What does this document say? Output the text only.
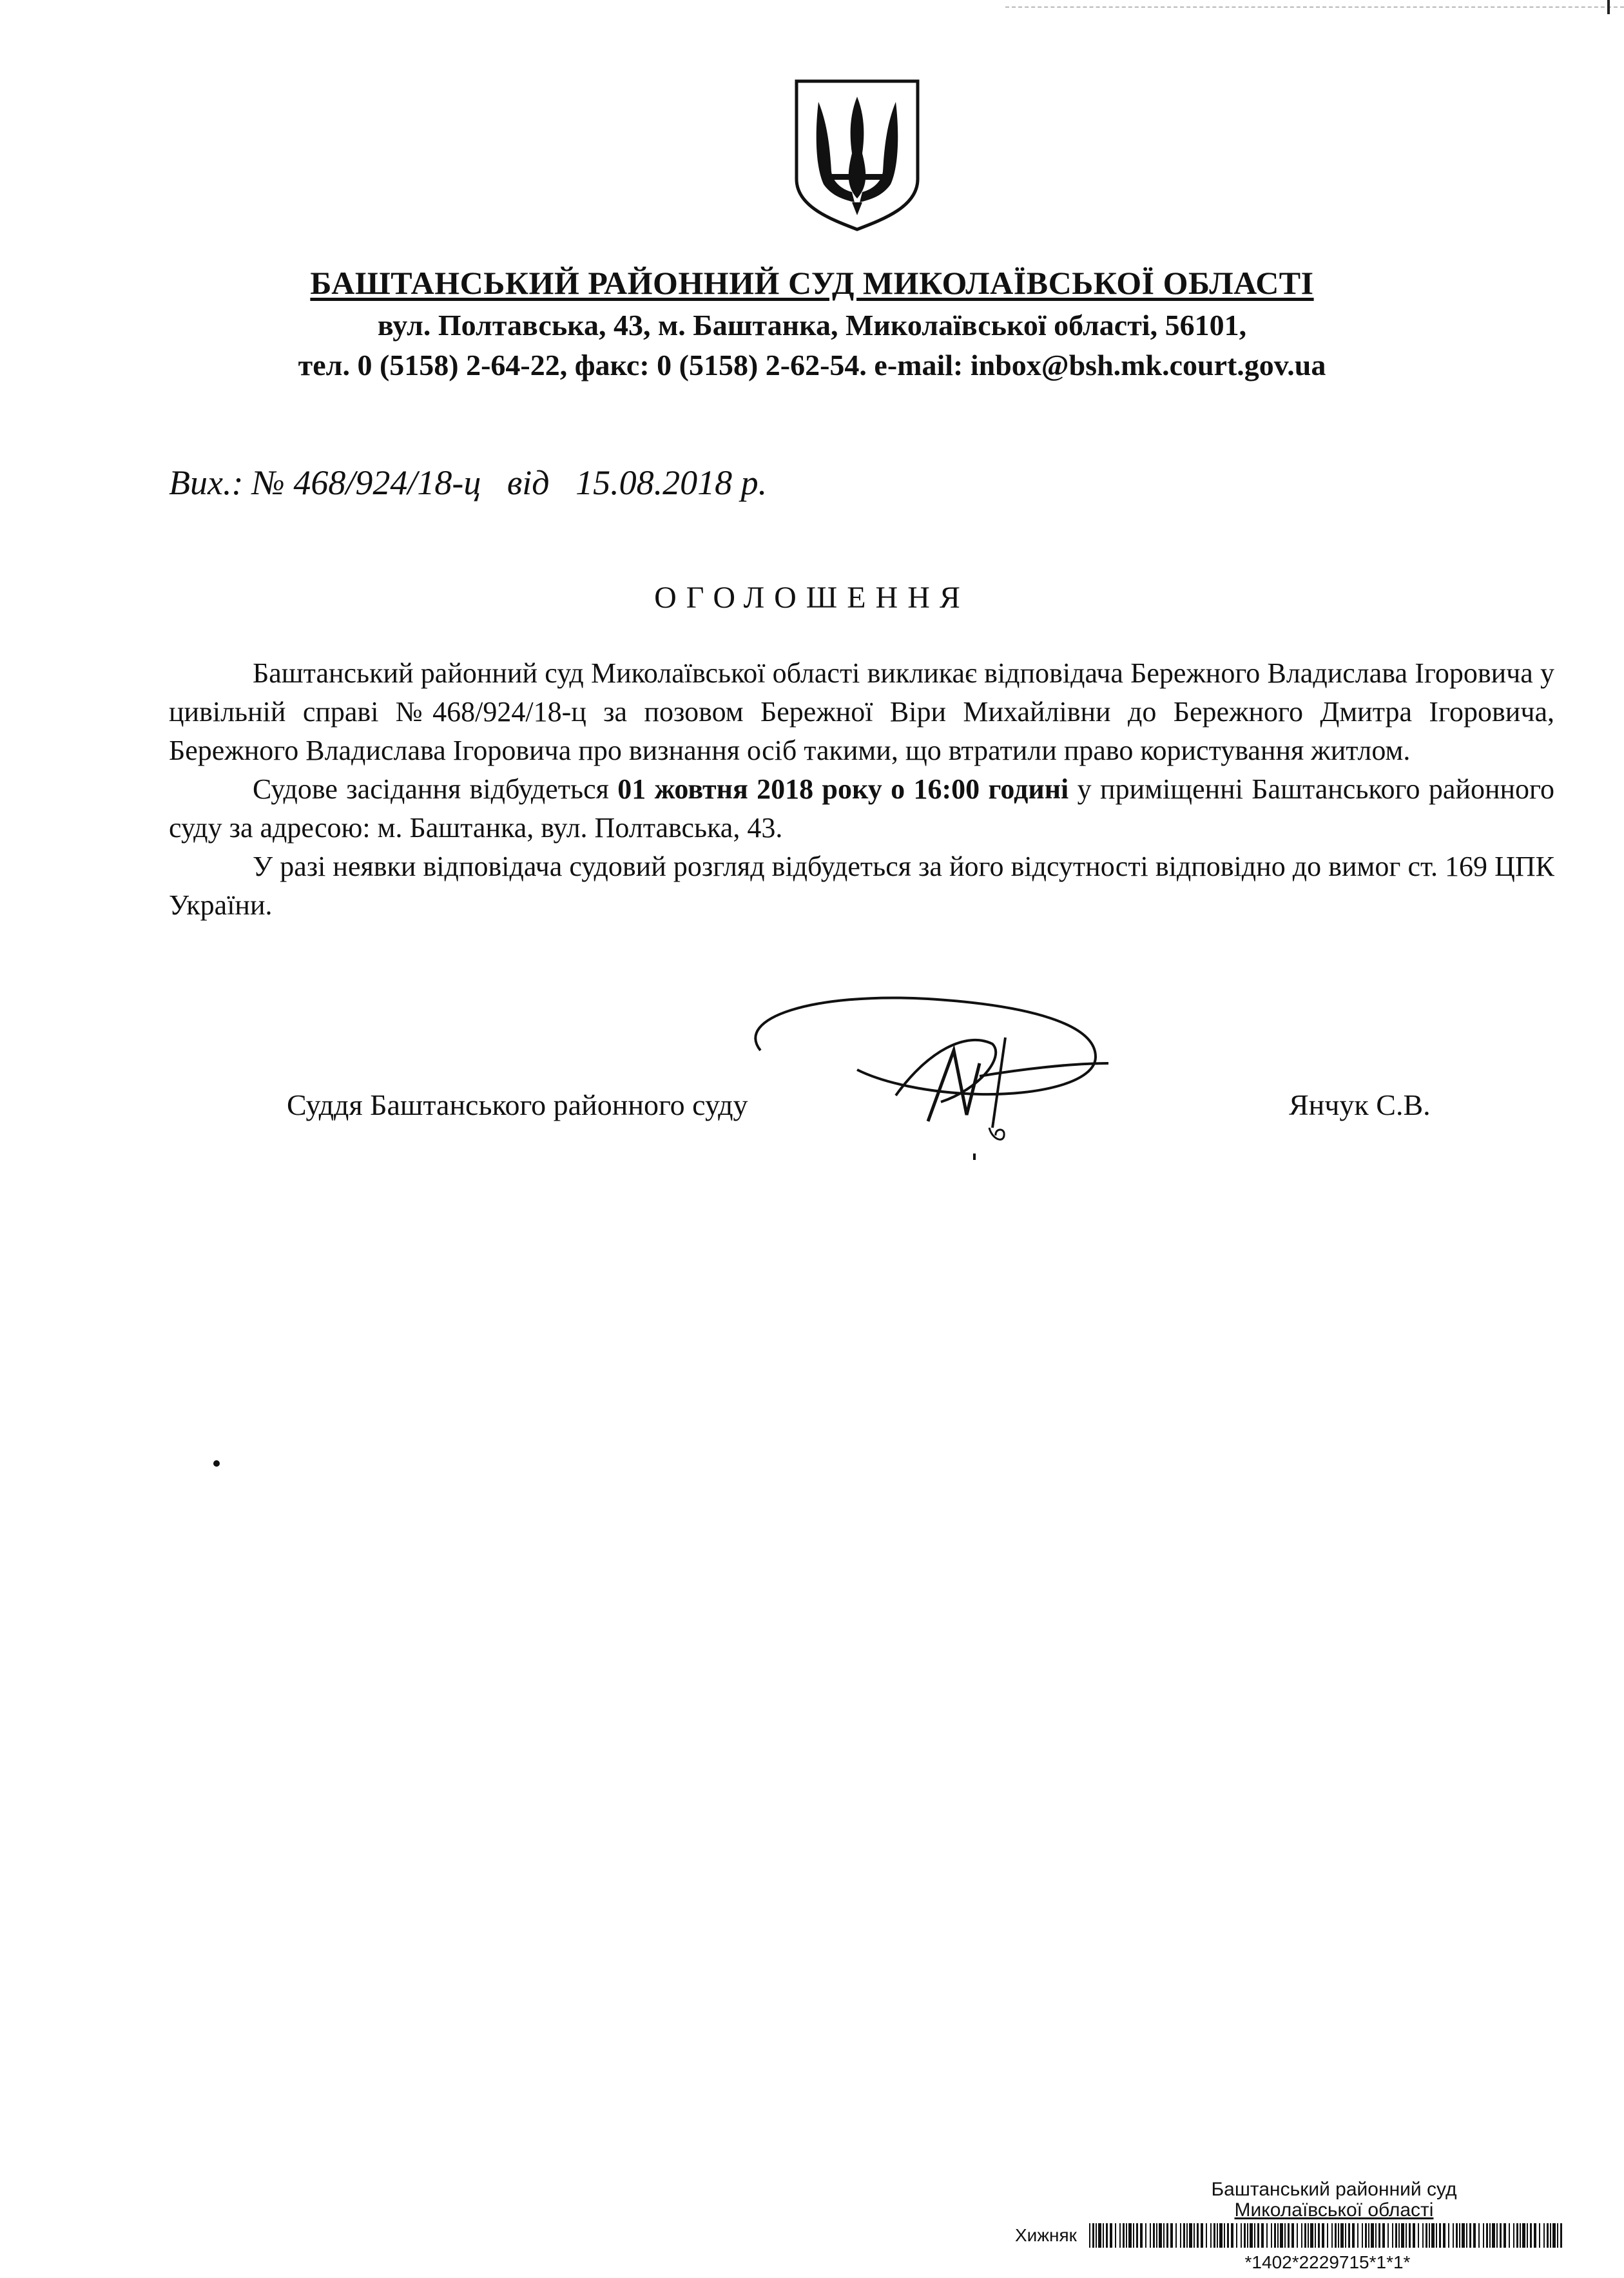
БАШТАНСЬКИЙ РАЙОННИЙ СУД МИКОЛАЇВСЬКОЇ ОБЛАСТІ
вул. Полтавська, 43, м. Баштанка, Миколаївської області, 56101,
тел. 0 (5158) 2-64-22, факс: 0 (5158) 2-62-54. e-mail: inbox@bsh.mk.court.gov.ua
Вих.: № 468/924/18-ц   від   15.08.2018 р.
ОГОЛОШЕННЯ

Баштанський районний суд Миколаївської області викликає відповідача Бережного Владислава Ігоровича у цивільній справі №468/924/18-ц за позовом Бережної Віри Михайлівни до Бережного Дмитра Ігоровича, Бережного Владислава Ігоровича про визнання осіб такими, що втратили право користування житлом.

Судове засідання відбудеться 01 жовтня 2018 року о 16:00 годині у приміщенні Баштанського районного суду за адресою: м. Баштанка, вул. Полтавська, 43.

У разі неявки відповідача судовий розгляд відбудеться за його відсутності відповідно до вимог ст. 169 ЦПК України.

Суддя Баштанського районного суду	Янчук С.В.
Баштанський районний суд
Миколаївської області
Хижняк
*1402*2229715*1*1*
